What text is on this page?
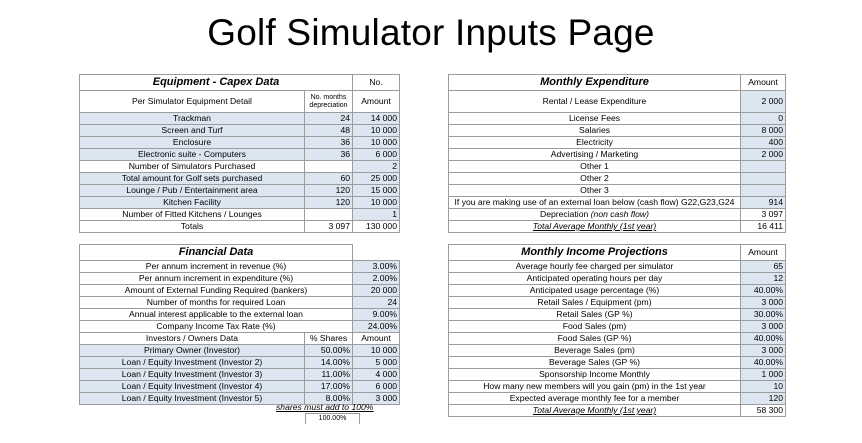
Golf Simulator Inputs Page
Equipment - Capex Data		No.
Per Simulator Equipment Detail	No. months depreciation	Amount
Trackman	24	14 000
Screen and Turf	48	10 000
Enclosure	36	10 000
Electronic suite - Computers	36	6 000
Number of Simulators Purchased		2
Total amount for Golf sets purchased	60	25 000
Lounge / Pub / Entertainment area	120	15 000
Kitchen Facility	120	10 000
Number of Fitted Kitchens / Lounges		1
Totals	3 097	130 000
Financial Data		
Per annum increment in revenue (%)		3.00%
Per annum increment in expenditure (%)		2.00%
Amount of External Funding Required (bankers)		20 000
Number of months for required Loan		24
Annual interest applicable to the external loan		9.00%
Company Income Tax Rate (%)		24.00%
Investors / Owners Data	% Shares	Amount
Primary Owner (Investor)	50.00%	10 000
Loan / Equity Investment (Investor 2)	14.00%	5 000
Loan / Equity Investment (Investor 3)	11.00%	4 000
Loan / Equity Investment (Investor 4)	17.00%	6 000
Loan / Equity Investment (Investor 5)	8.00%	3 000
shares must add to 100%
100.00%
Monthly Expenditure	Amount
Rental / Lease Expenditure	2 000
License Fees	0
Salaries	8 000
Electricity	400
Advertising / Marketing	2 000
Other 1	
Other 2	
Other 3	
If you are making use of an external loan below (cash flow) G22,G23,G24	914
Depreciation (non cash flow)	3 097
Total Average Monthly (1st year)	16 411
Monthly Income Projections	Amount
Average hourly fee charged per simulator	65
Anticipated operating hours per day	12
Anticipated usage percentage (%)	40.00%
Retail Sales / Equipment (pm)	3 000
Retail Sales (GP %)	30.00%
Food Sales (pm)	3 000
Food Sales (GP %)	40.00%
Beverage Sales (pm)	3 000
Beverage Sales (GP %)	40.00%
Sponsorship Income Monthly	1 000
How many new members will you gain (pm) in the 1st year	10
Expected average monthly fee for a member	120
Total Average Monthly (1st year)	58 300
